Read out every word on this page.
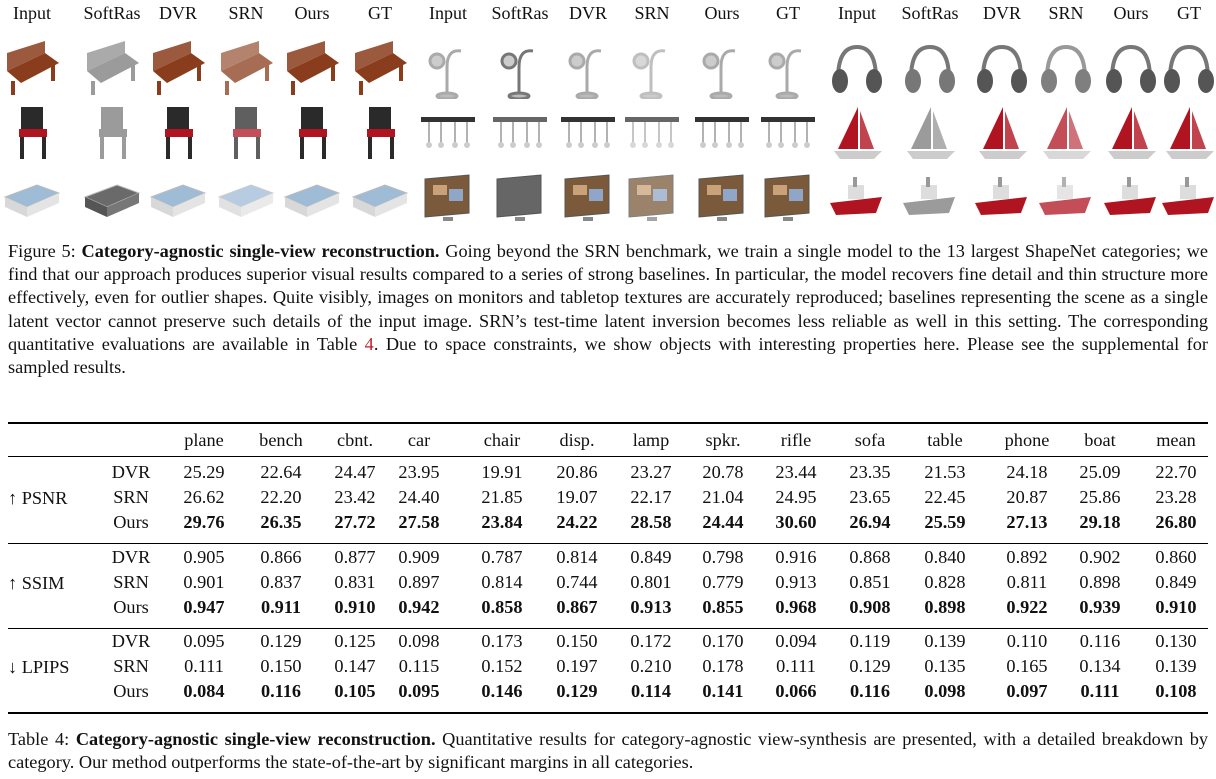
Input	SoftRas	DVR	SRN	Ours	GT	Input	SoftRas	DVR	SRN	Ours	GT	Input	SoftRas	DVR	SRN	Ours	GT
Figure 5: Category-agnostic single-view reconstruction. Going beyond the SRN benchmark, we train a single model to the 13 largest ShapeNet categories; we find that our approach produces superior visual results compared to a series of strong baselines. In particular, the model recovers fine detail and thin structure more effectively, even for outlier shapes. Quite visibly, images on monitors and tabletop textures are accurately reproduced; baselines representing the scene as a single latent vector cannot preserve such details of the input image. SRN’s test-time latent inversion becomes less reliable as well in this setting. The corresponding quantitative evaluations are available in Table 4. Due to space constraints, we show objects with interesting properties here. Please see the supplemental for sampled results.
plane bench cbnt. car	chair disp. lamp spkr. rifle sofa table phone boat mean
↑ PSNR
DVR 25.29 22.64 24.47 23.95 19.91 20.86 23.27 20.78 23.44 23.35 21.53 24.18 25.09 22.70
SRN 26.62 22.20 23.42 24.40 21.85 19.07 22.17 21.04 24.95 23.65 22.45 20.87 25.86 23.28
Ours 29.76 26.35 27.72 27.58 23.84 24.22 28.58 24.44 30.60 26.94 25.59 27.13 29.18 26.80
↑ SSIM
DVR 0.905 0.866 0.877 0.909 0.787 0.814 0.849 0.798 0.916 0.868 0.840 0.892 0.902 0.860
SRN 0.901 0.837 0.831 0.897 0.814 0.744 0.801 0.779 0.913 0.851 0.828 0.811 0.898 0.849
Ours 0.947 0.911 0.910 0.942 0.858 0.867 0.913 0.855 0.968 0.908 0.898 0.922 0.939 0.910
↓ LPIPS
DVR 0.095 0.129 0.125 0.098 0.173 0.150 0.172 0.170 0.094 0.119 0.139 0.110 0.116 0.130
SRN 0.111 0.150 0.147 0.115 0.152 0.197 0.210 0.178 0.111 0.129 0.135 0.165 0.134 0.139
Ours 0.084 0.116 0.105 0.095 0.146 0.129 0.114 0.141 0.066 0.116 0.098 0.097 0.111 0.108
Table 4: Category-agnostic single-view reconstruction. Quantitative results for category-agnostic view-synthesis are presented, with a detailed breakdown by category. Our method outperforms the state-of-the-art by significant margins in all categories.
